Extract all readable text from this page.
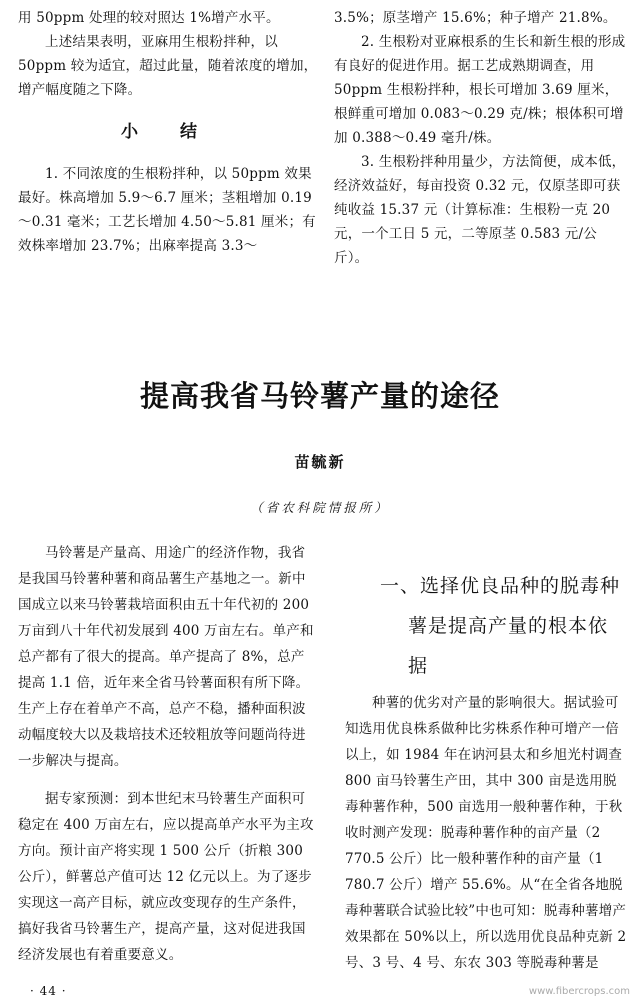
用 50ppm 处理的较对照达 1%增产水平。

上述结果表明，亚麻用生根粉拌种，以 50ppm 较为适宜，超过此量，随着浓度的增加，增产幅度随之下降。

小 结

1. 不同浓度的生根粉拌种，以 50ppm 效果最好。株高增加 5.9～6.7 厘米；茎粗增加 0.19～0.31 毫米；工艺长增加 4.50～5.81 厘米；有效株率增加 23.7%；出麻率提高 3.3～

3.5%；原茎增产 15.6%；种子增产 21.8%。

2. 生根粉对亚麻根系的生长和新生根的形成有良好的促进作用。据工艺成熟期调查，用 50ppm 生根粉拌种，根长可增加 3.69 厘米，根鲜重可增加 0.083～0.29 克/株；根体积可增加 0.388～0.49 毫升/株。

3. 生根粉拌种用量少，方法简便，成本低，经济效益好，每亩投资 0.32 元，仅原茎即可获纯收益 15.37 元（计算标准：生根粉一克 20 元，一个工日 5 元，二等原茎 0.583 元/公斤）。

提高我省马铃薯产量的途径
苗毓新
（省农科院情报所）

马铃薯是产量高、用途广的经济作物，我省是我国马铃薯种薯和商品薯生产基地之一。新中国成立以来马铃薯栽培面积由五十年代初的 200 万亩到八十年代初发展到 400 万亩左右。单产和总产都有了很大的提高。单产提高了 8%，总产提高 1.1 倍，近年来全省马铃薯面积有所下降。生产上存在着单产不高，总产不稳，播种面积波动幅度较大以及栽培技术还较粗放等问题尚待进一步解决与提高。

据专家预测：到本世纪末马铃薯生产面积可稳定在 400 万亩左右，应以提高单产水平为主攻方向。预计亩产将实现 1 500 公斤（折粮 300 公斤），鲜薯总产值可达 12 亿元以上。为了逐步实现这一高产目标，就应改变现存的生产条件，搞好我省马铃薯生产，提高产量，这对促进我国经济发展也有着重要意义。

一、选择优良品种的脱毒种
薯是提高产量的根本依
据

种薯的优劣对产量的影响很大。据试验可知选用优良株系做种比劣株系作种可增产一倍以上，如 1984 年在讷河县太和乡旭光村调查 800 亩马铃薯生产田，其中 300 亩是选用脱毒种薯作种，500 亩选用一般种薯作种，于秋收时测产发现：脱毒种薯作种的亩产量（2 770.5 公斤）比一般种薯作种的亩产量（1 780.7 公斤）增产 55.6%。从“在全省各地脱毒种薯联合试验比较”中也可知：脱毒种薯增产效果都在 50%以上，所以选用优良品种克新 2 号、3 号、4 号、东农 303 等脱毒种薯是

· 44 ·	www.fibercrops.com
